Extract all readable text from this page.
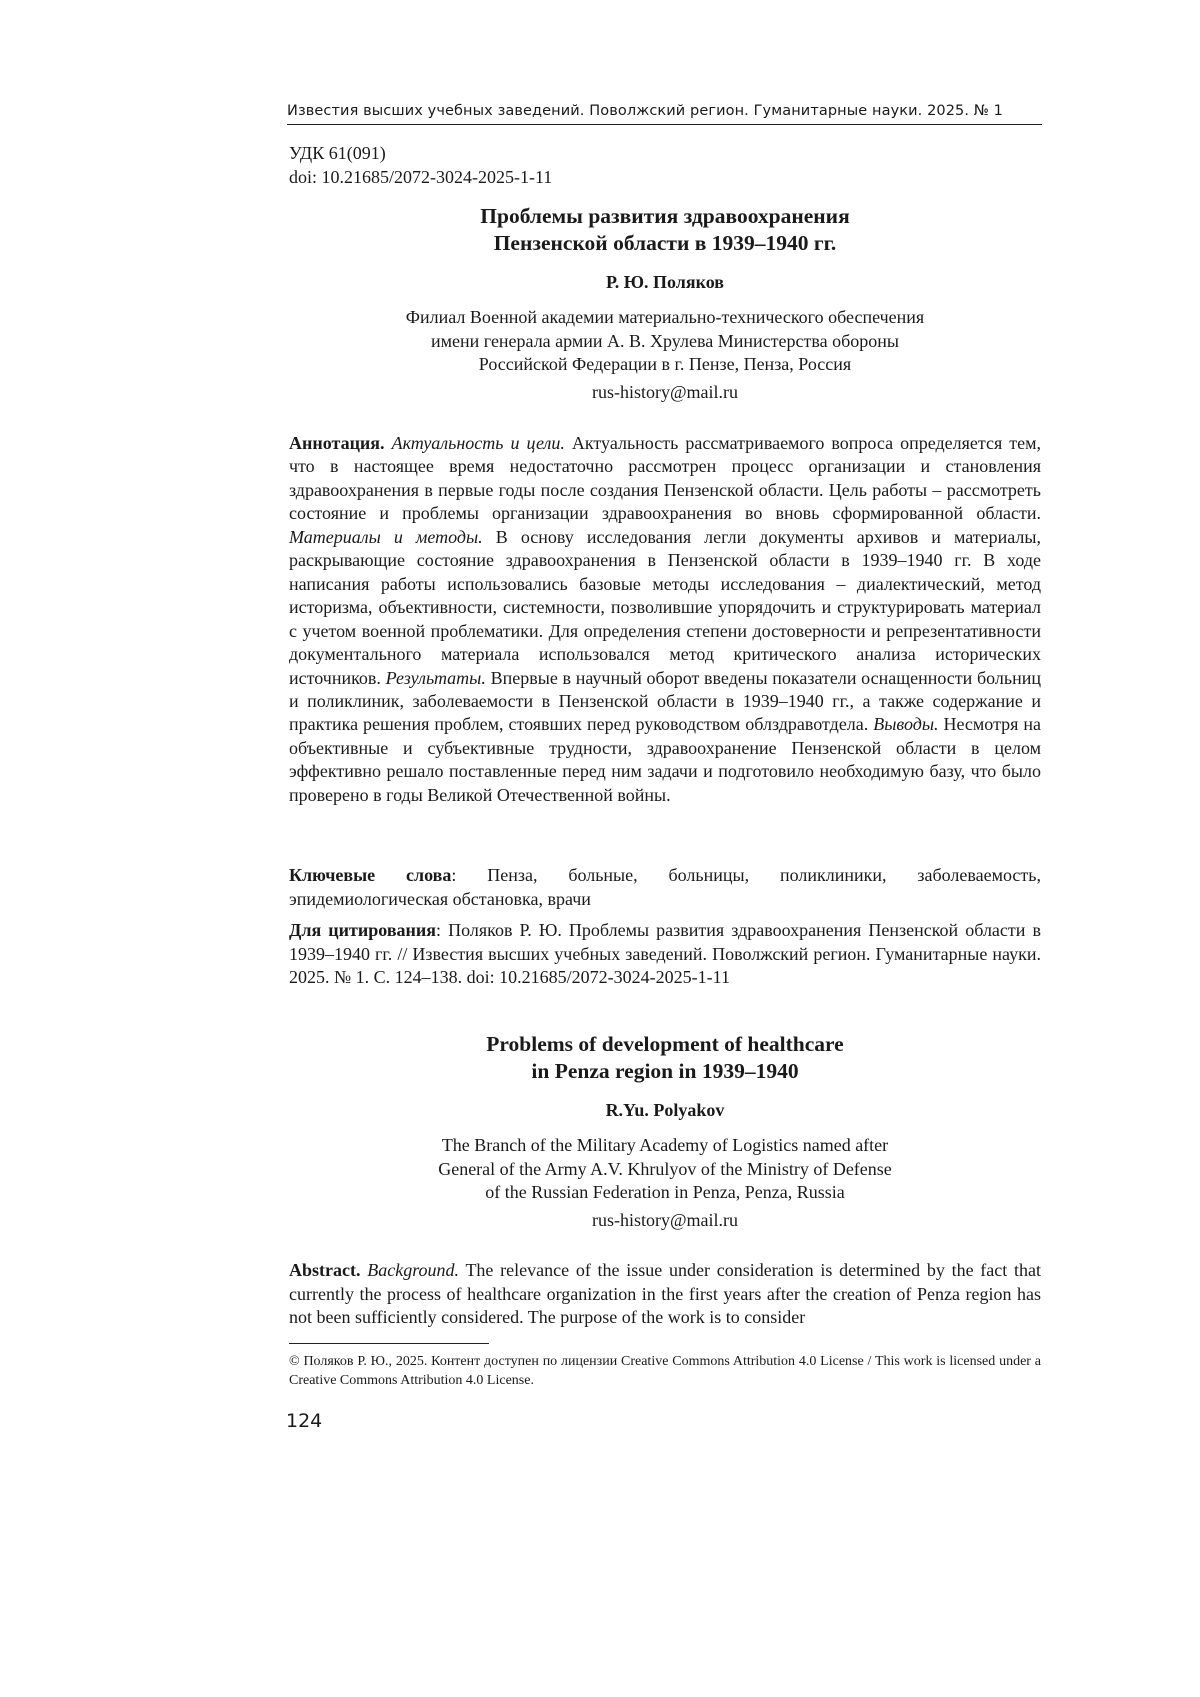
Известия высших учебных заведений. Поволжский регион. Гуманитарные науки. 2025. № 1
УДК 61(091)
doi: 10.21685/2072-3024-2025-1-11
Проблемы развития здравоохранения
Пензенской области в 1939–1940 гг.
Р. Ю. Поляков
Филиал Военной академии материально-технического обеспечения
имени генерала армии А. В. Хрулева Министерства обороны
Российской Федерации в г. Пензе, Пенза, Россия
rus-history@mail.ru

Аннотация. Актуальность и цели. Актуальность рассматриваемого вопроса определяется тем, что в настоящее время недостаточно рассмотрен процесс организации и становления здравоохранения в первые годы после создания Пензенской области. Цель работы – рассмотреть состояние и проблемы организации здравоохранения во вновь сформированной области. Материалы и методы. В основу исследования легли документы архивов и материалы, раскрывающие состояние здравоохранения в Пензенской области в 1939–1940 гг. В ходе написания работы использовались базовые методы исследования – диалектический, метод историзма, объективности, системности, позволившие упорядочить и структурировать материал с учетом военной проблематики. Для определения степени достоверности и репрезентативности документального материала использовался метод критического анализа исторических источников. Результаты. Впервые в научный оборот введены показатели оснащенности больниц и поликлиник, заболеваемости в Пензенской области в 1939–1940 гг., а также содержание и практика решения проблем, стоявших перед руководством облздравотдела. Выводы. Несмотря на объективные и субъективные трудности, здравоохранение Пензенской области в целом эффективно решало поставленные перед ним задачи и подготовило необходимую базу, что было проверено в годы Великой Отечественной войны.

Ключевые слова: Пенза, больные, больницы, поликлиники, заболеваемость, эпидемиологическая обстановка, врачи

Для цитирования: Поляков Р. Ю. Проблемы развития здравоохранения Пензенской области в 1939–1940 гг. // Известия высших учебных заведений. Поволжский регион. Гуманитарные науки. 2025. № 1. С. 124–138. doi: 10.21685/2072-3024-2025-1-11

Problems of development of healthcare
in Penza region in 1939–1940
R.Yu. Polyakov
The Branch of the Military Academy of Logistics named after
General of the Army A.V. Khrulyov of the Ministry of Defense
of the Russian Federation in Penza, Penza, Russia
rus-history@mail.ru

Abstract. Background. The relevance of the issue under consideration is determined by the fact that currently the process of healthcare organization in the first years after the creation of Penza region has not been sufficiently considered. The purpose of the work is to consider

© Поляков Р. Ю., 2025. Контент доступен по лицензии Creative Commons Attribution 4.0 License / This work is licensed under a Creative Commons Attribution 4.0 License.

124
